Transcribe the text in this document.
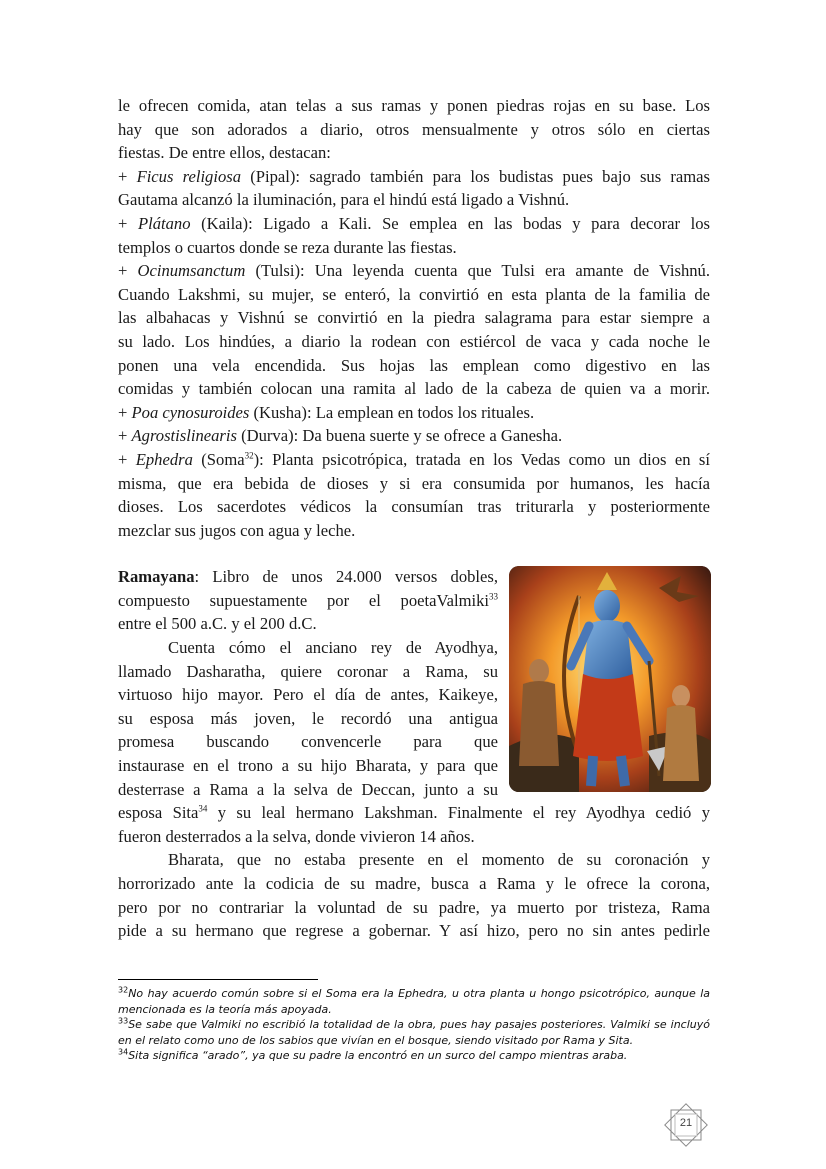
le ofrecen comida, atan telas a sus ramas y ponen piedras rojas en su base. Los
hay que son adorados a diario, otros mensualmente y otros sólo en ciertas
fiestas. De entre ellos, destacan:
+ Ficus religiosa (Pipal): sagrado también para los budistas pues bajo sus ramas
Gautama alcanzó la iluminación, para el hindú está ligado a Vishnú.
+ Plátano (Kaila): Ligado a Kali. Se emplea en las bodas y para decorar los
templos o cuartos donde se reza durante las fiestas.
+ Ocinumsanctum (Tulsi): Una leyenda cuenta que Tulsi era amante de Vishnú.
Cuando Lakshmi, su mujer, se enteró, la convirtió en esta planta de la familia de
las albahacas y Vishnú se convirtió en la piedra salagrama para estar siempre a
su lado. Los hindúes, a diario la rodean con estiércol de vaca y cada noche le
ponen una vela encendida. Sus hojas las emplean como digestivo en las
comidas y también colocan una ramita al lado de la cabeza de quien va a morir.
+ Poa cynosuroides (Kusha): La emplean en todos los rituales.
+ Agrostislinearis (Durva): Da buena suerte y se ofrece a Ganesha.
+ Ephedra (Soma$^{32}$): Planta psicotrópica, tratada en los Vedas como un dios en sí
misma, que era bebida de dioses y si era consumida por humanos, les hacía
dioses. Los sacerdotes védicos la consumían tras triturarla y posteriormente
mezclar sus jugos con agua y leche.

Ramayana: Libro de unos 24.000 versos dobles,
compuesto supuestamente por el poetaValmiki$^{33}$
entre el 500 a.C. y el 200 d.C.
Cuenta cómo el anciano rey de Ayodhya,
llamado Dasharatha, quiere coronar a Rama, su
virtuoso hijo mayor. Pero el día de antes, Kaikeye,
su esposa más joven, le recordó una antigua
promesa buscando convencerle para que
instaurase en el trono a su hijo Bharata, y para que
desterrase a Rama a la selva de Deccan, junto a su
esposa Sita$^{34}$ y su leal hermano Lakshman. Finalmente el rey Ayodhya cedió y
fueron desterrados a la selva, donde vivieron 14 años.
Bharata, que no estaba presente en el momento de su coronación y
horrorizado ante la codicia de su madre, busca a Rama y le ofrece la corona,
pero por no contrariar la voluntad de su padre, ya muerto por tristeza, Rama
pide a su hermano que regrese a gobernar. Y así hizo, pero no sin antes pedirle

$^{32}$No hay acuerdo común sobre si el Soma era la Ephedra, u otra planta u hongo psicotrópico, aunque la mencionada es la teoría más apoyada.
$^{33}$Se sabe que Valmiki no escribió la totalidad de la obra, pues hay pasajes posteriores. Valmiki se incluyó en el relato como uno de los sabios que vivían en el bosque, siendo visitado por Rama y Sita.
$^{34}$Sita significa “arado”, ya que su padre la encontró en un surco del campo mientras araba.
21
